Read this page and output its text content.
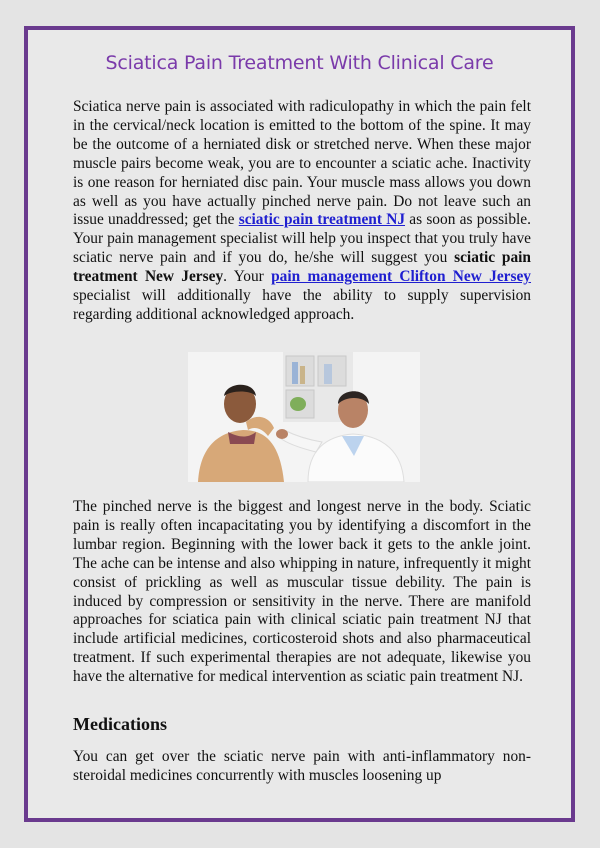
Sciatica Pain Treatment With Clinical Care

Sciatica nerve pain is associated with radiculopathy in which the pain felt in the cervical/neck location is emitted to the bottom of the spine. It may be the outcome of a herniated disk or stretched nerve. When these major muscle pairs become weak, you are to encounter a sciatic ache. Inactivity is one reason for herniated disc pain. Your muscle mass allows you down as well as you have actually pinched nerve pain. Do not leave such an issue unaddressed; get the sciatic pain treatment NJ as soon as possible. Your pain management specialist will help you inspect that you truly have sciatic nerve pain and if you do, he/she will suggest you sciatic pain treatment New Jersey. Your pain management Clifton New Jersey specialist will additionally have the ability to supply supervision regarding additional acknowledged approach.

The pinched nerve is the biggest and longest nerve in the body. Sciatic pain is really often incapacitating you by identifying a discomfort in the lumbar region. Beginning with the lower back it gets to the ankle joint. The ache can be intense and also whipping in nature, infrequently it might consist of prickling as well as muscular tissue debility. The pain is induced by compression or sensitivity in the nerve. There are manifold approaches for sciatica pain with clinical sciatic pain treatment NJ that include artificial medicines, corticosteroid shots and also pharmaceutical treatment. If such experimental therapies are not adequate, likewise you have the alternative for medical intervention as sciatic pain treatment NJ.

Medications

You can get over the sciatic nerve pain with anti-inflammatory non-steroidal medicines concurrently with muscles loosening up
